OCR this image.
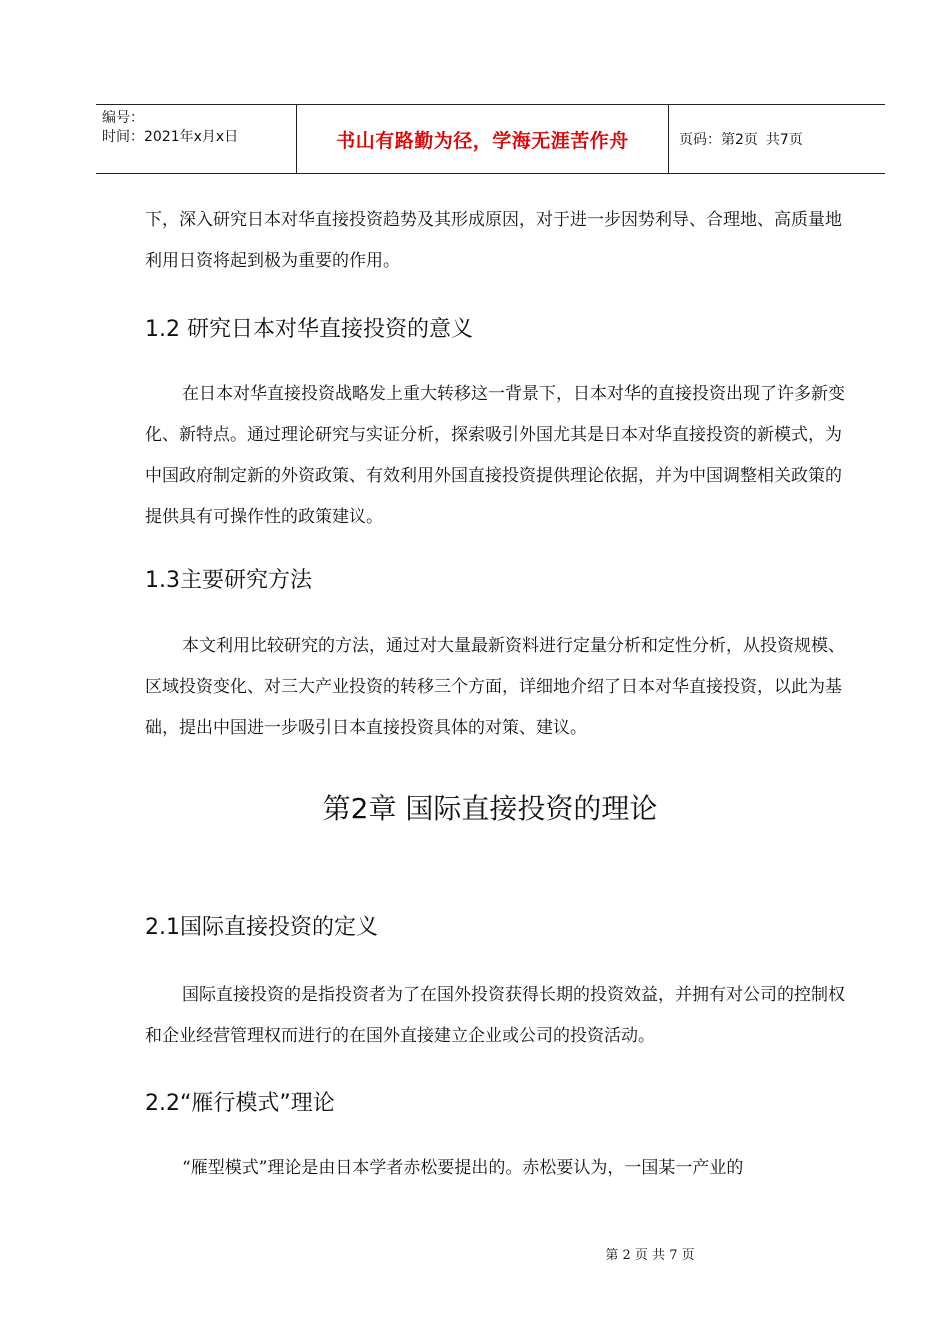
编号：
时间：2021年x月x日	书山有路勤为径，学海无涯苦作舟	页码：第2页 共7页

下，深入研究日本对华直接投资趋势及其形成原因，对于进一步因势利导、合理地、高质量地利用日资将起到极为重要的作用。

1.2 研究日本对华直接投资的意义

在日本对华直接投资战略发上重大转移这一背景下，日本对华的直接投资出现了许多新变化、新特点。通过理论研究与实证分析，探索吸引外国尤其是日本对华直接投资的新模式，为中国政府制定新的外资政策、有效利用外国直接投资提供理论依据，并为中国调整相关政策的提供具有可操作性的政策建议。

1.3主要研究方法

本文利用比较研究的方法，通过对大量最新资料进行定量分析和定性分析，从投资规模、区域投资变化、对三大产业投资的转移三个方面，详细地介绍了日本对华直接投资，以此为基础，提出中国进一步吸引日本直接投资具体的对策、建议。

第2章 国际直接投资的理论
2.1国际直接投资的定义

国际直接投资的是指投资者为了在国外投资获得长期的投资效益，并拥有对公司的控制权和企业经营管理权而进行的在国外直接建立企业或公司的投资活动。

2.2“雁行模式”理论

“雁型模式”理论是由日本学者赤松要提出的。赤松要认为，一国某一产业的

第 2 页 共 7 页
